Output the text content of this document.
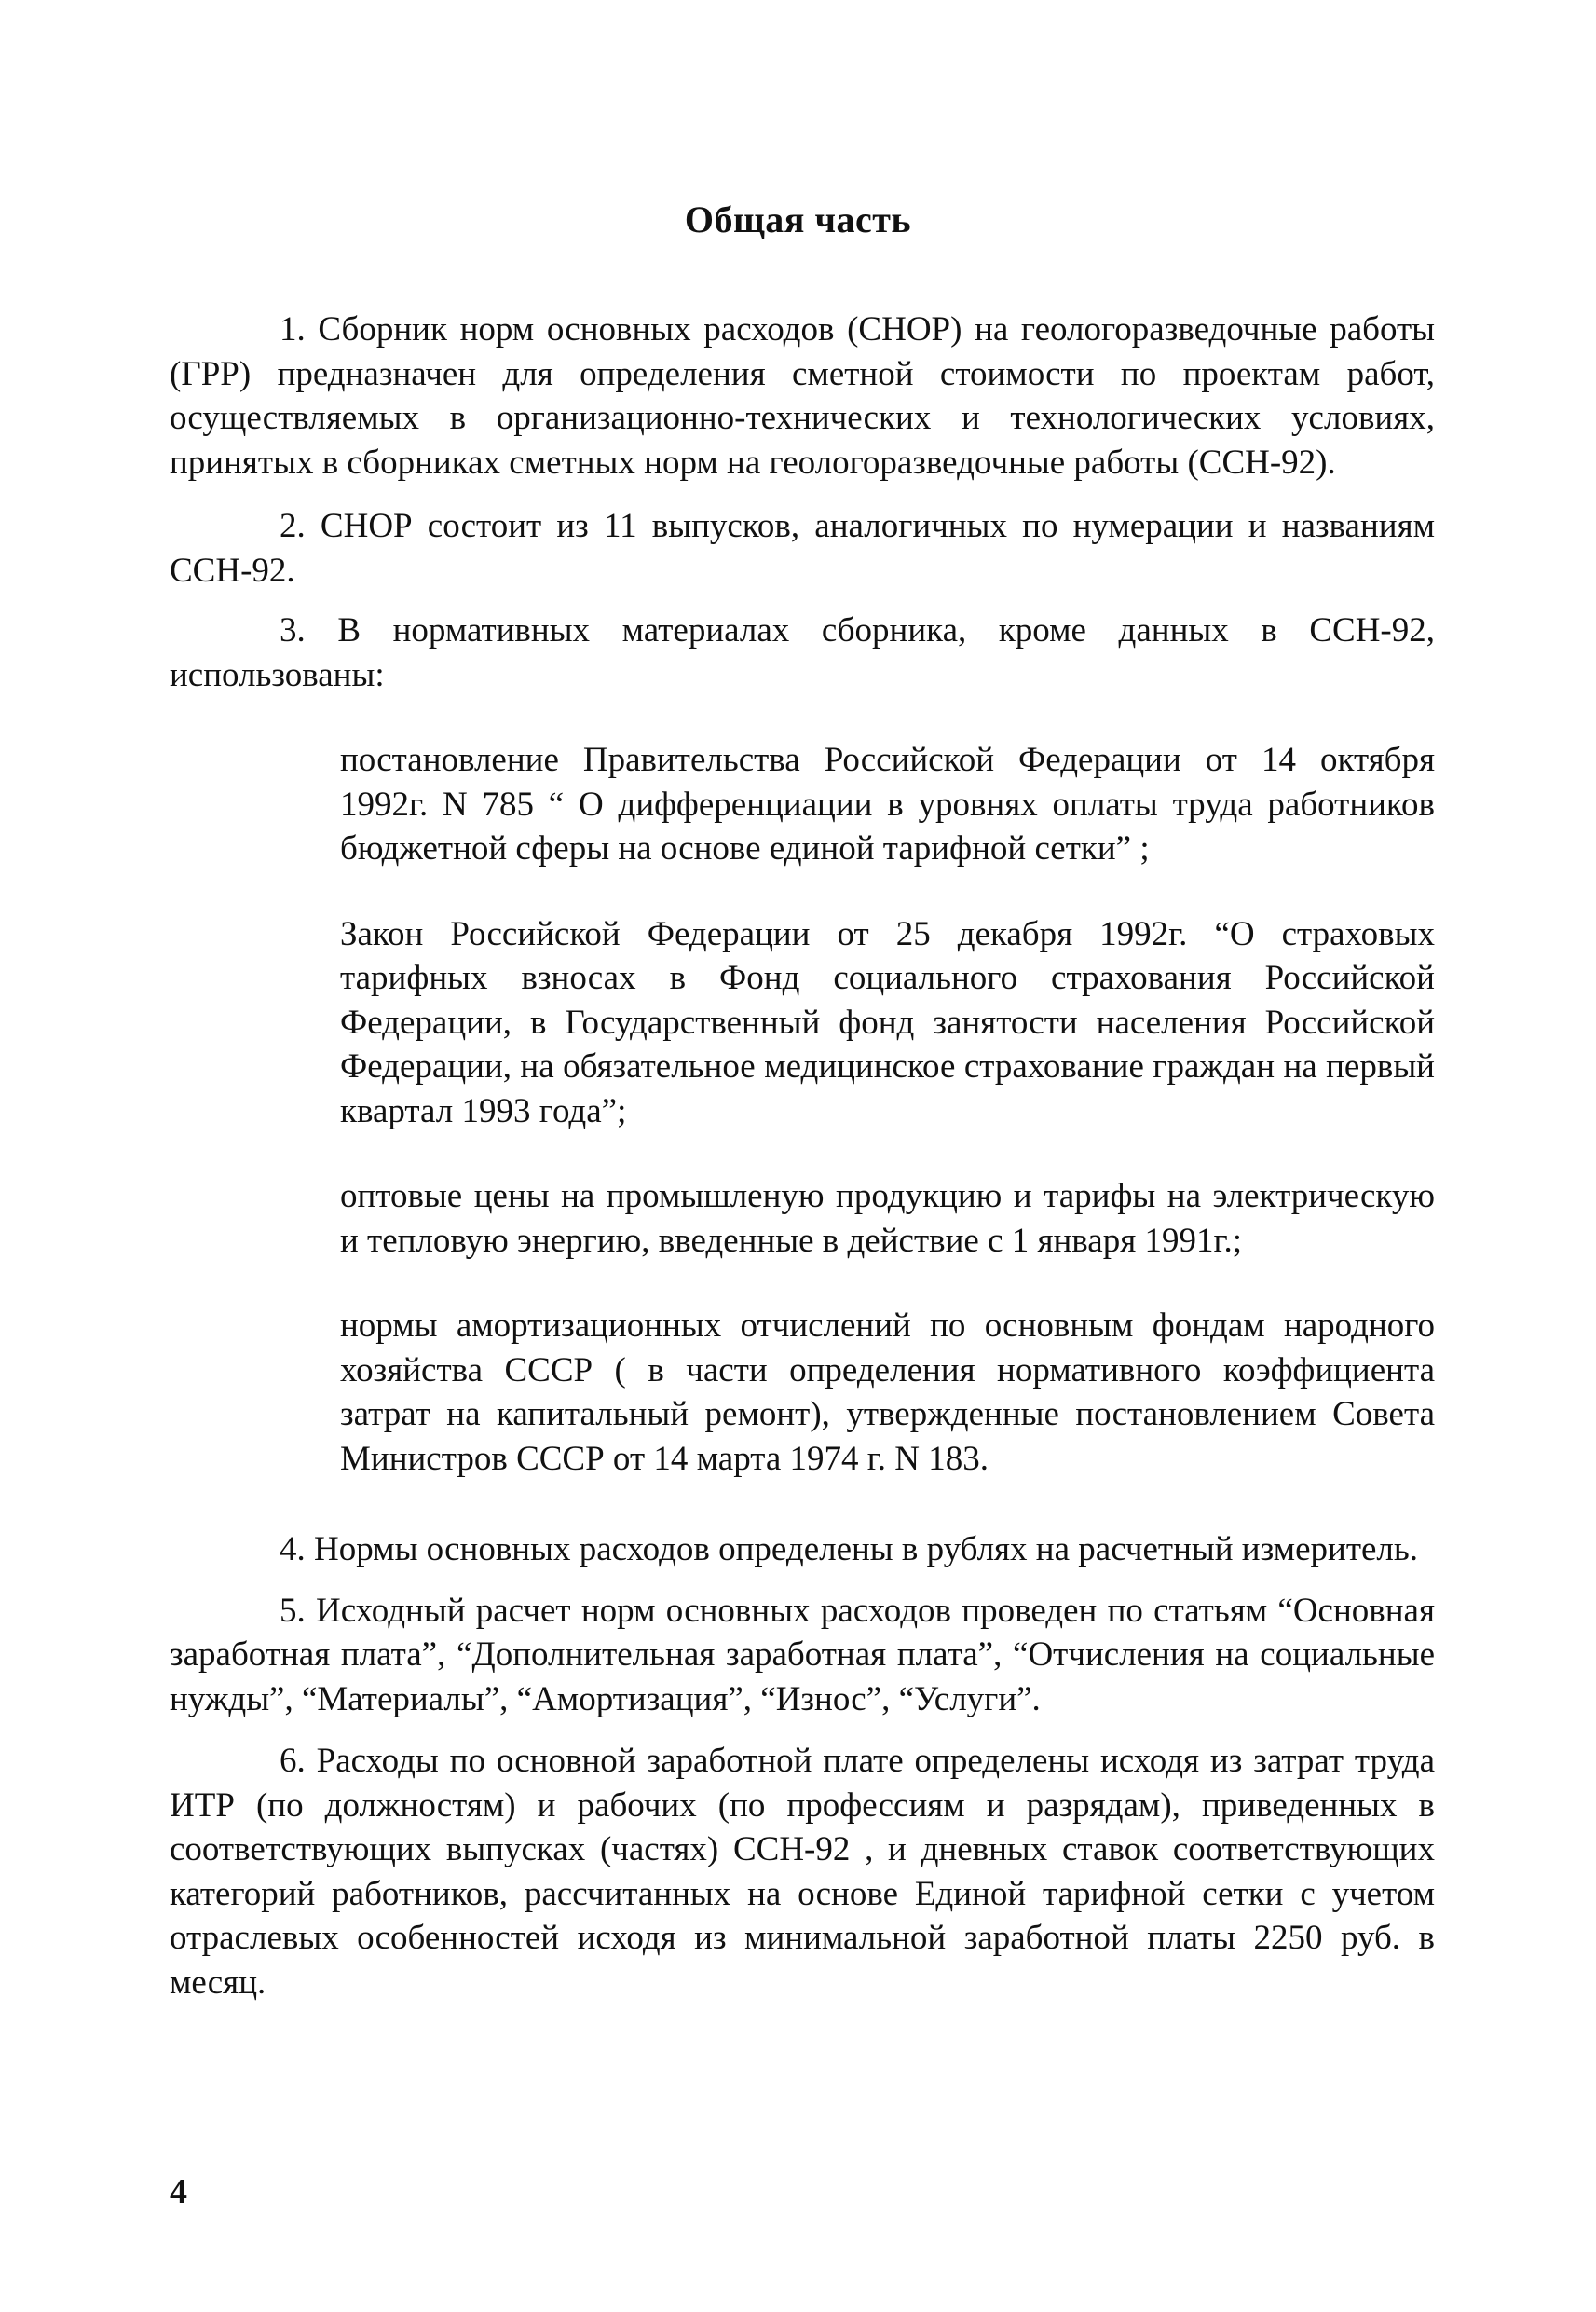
Общая часть

1. Сборник норм основных расходов (СНОР) на геологоразведочные работы (ГРР) предназначен для определения сметной стоимости по проектам работ, осуществляемых в организационно-технических и технологических условиях, принятых в сборниках сметных норм на геологоразведочные работы (ССН-92).

2. СНОР состоит из 11 выпусков, аналогичных по нумерации и названиям ССН-92.

3. В нормативных материалах сборника, кроме данных в ССН-92, использованы:

постановление Правительства Российской Федерации от 14 октября 1992г. N 785 “ О дифференциации в уровнях оплаты труда работников бюджетной сферы на основе единой тарифной сетки” ;

Закон Российской Федерации от 25 декабря 1992г. “О страховых тарифных взносах в Фонд социального страхования Российской Федерации, в Государственный фонд занятости населения Российской Федерации, на обязательное медицинское страхование граждан на первый квартал 1993 года”;

оптовые цены на промышленую продукцию и тарифы на электрическую и тепловую энергию, введенные в действие с 1 января 1991г.;

нормы амортизационных отчислений по основным фондам народного хозяйства СССР ( в части определения нормативного коэффициента затрат на капитальный ремонт), утвержденные постановлением Совета Министров СССР от 14 марта 1974 г. N 183.

4. Нормы основных расходов определены в рублях на расчетный измеритель.

5. Исходный расчет норм основных расходов проведен по статьям “Основная заработная плата”, “Дополнительная заработная плата”, “Отчисления на социальные нужды”, “Материалы”, “Амортизация”, “Износ”, “Услуги”.

6. Расходы по основной заработной плате определены исходя из затрат труда ИТР (по должностям) и рабочих (по профессиям и разрядам), приведенных в соответствующих выпусках (частях) ССН-92 , и дневных ставок соответствующих категорий работников, рассчитанных на основе Единой тарифной сетки с учетом отраслевых особенностей исходя из минимальной заработной платы 2250 руб. в месяц.

4
